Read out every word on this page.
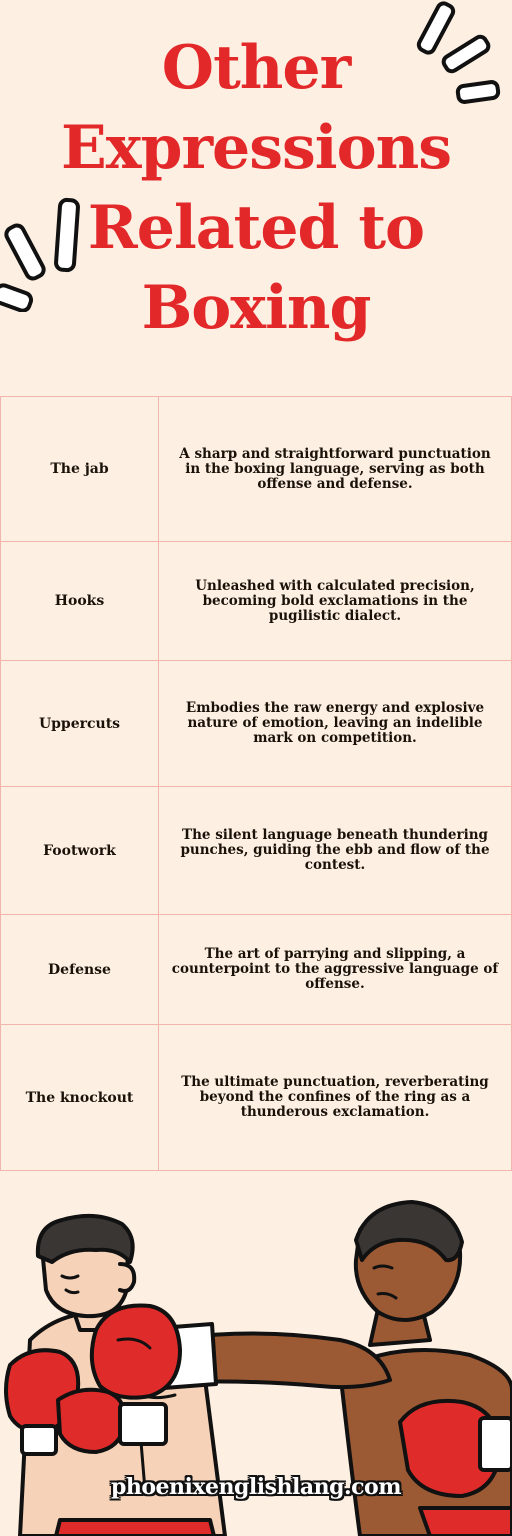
Other
Expressions
Related to
Boxing
The jab	A sharp and straightforward punctuation in the boxing language, serving as both offense and defense.
Hooks	Unleashed with calculated precision, becoming bold exclamations in the pugilistic dialect.
Uppercuts	Embodies the raw energy and explosive nature of emotion, leaving an indelible mark on competition.
Footwork	The silent language beneath thundering punches, guiding the ebb and flow of the contest.
Defense	The art of parrying and slipping, a counterpoint to the aggressive language of offense.
The knockout	The ultimate punctuation, reverberating beyond the confines of the ring as a thunderous exclamation.
phoenixenglishlang.com
